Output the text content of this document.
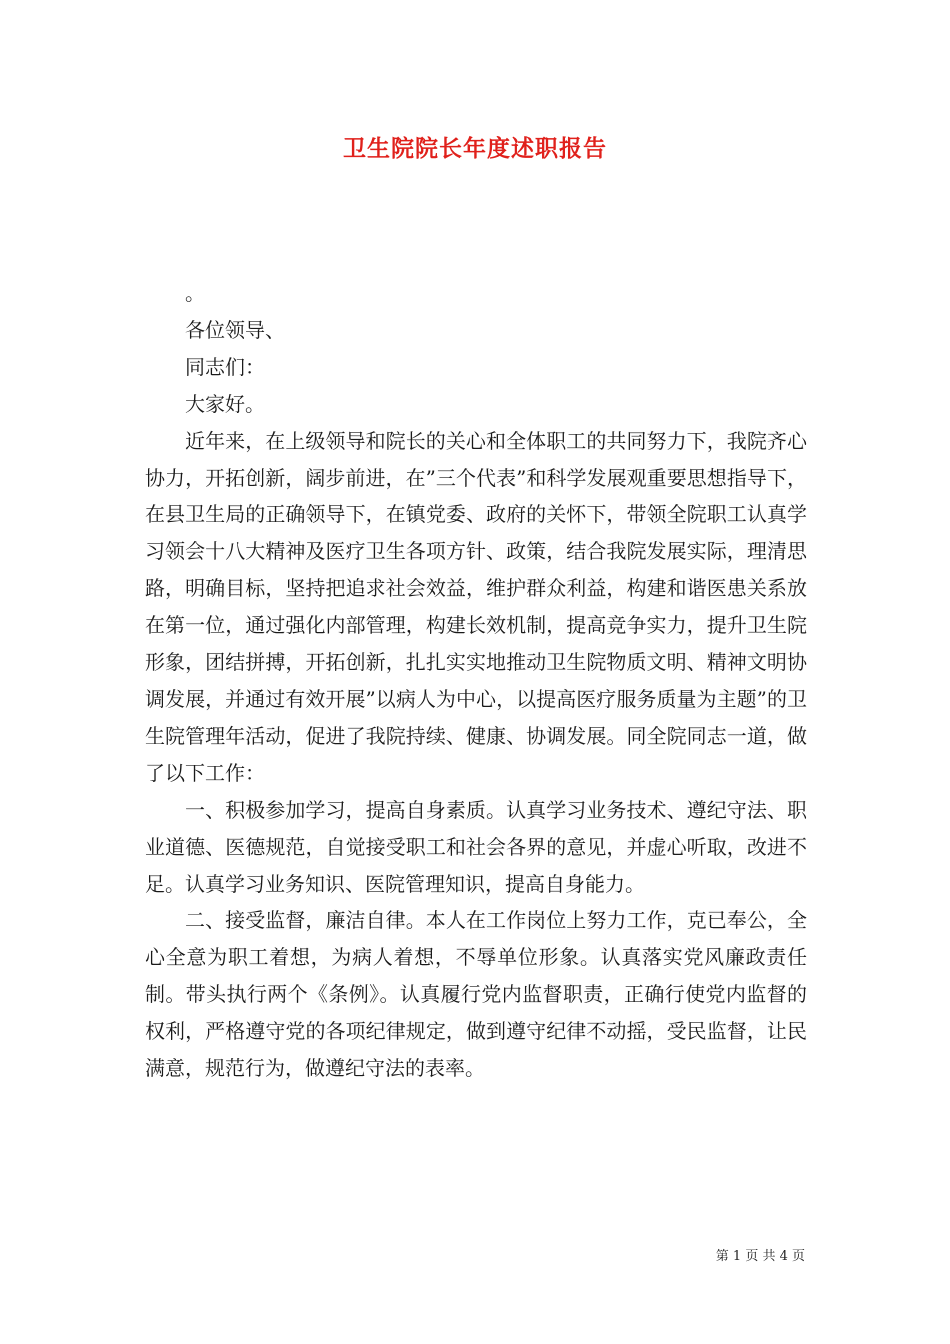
卫生院院长年度述职报告

。

各位领导、

同志们：

大家好。

近年来，在上级领导和院长的关心和全体职工的共同努力下，我院齐心协力，开拓创新，阔步前进，在”三个代表”和科学发展观重要思想指导下，在县卫生局的正确领导下，在镇党委、政府的关怀下，带领全院职工认真学习领会十八大精神及医疗卫生各项方针、政策，结合我院发展实际，理清思路，明确目标，坚持把追求社会效益，维护群众利益，构建和谐医患关系放在第一位，通过强化内部管理，构建长效机制，提高竞争实力，提升卫生院形象，团结拼搏，开拓创新，扎扎实实地推动卫生院物质文明、精神文明协调发展，并通过有效开展”以病人为中心，以提高医疗服务质量为主题”的卫生院管理年活动，促进了我院持续、健康、协调发展。同全院同志一道，做了以下工作：

一、积极参加学习，提高自身素质。认真学习业务技术、遵纪守法、职业道德、医德规范，自觉接受职工和社会各界的意见，并虚心听取，改进不足。认真学习业务知识、医院管理知识，提高自身能力。

二、接受监督，廉洁自律。本人在工作岗位上努力工作，克已奉公，全心全意为职工着想，为病人着想，不辱单位形象。认真落实党风廉政责任制。带头执行两个《条例》。认真履行党内监督职责，正确行使党内监督的权利，严格遵守党的各项纪律规定，做到遵守纪律不动摇，受民监督，让民满意，规范行为，做遵纪守法的表率。

第 1 页 共 4 页
